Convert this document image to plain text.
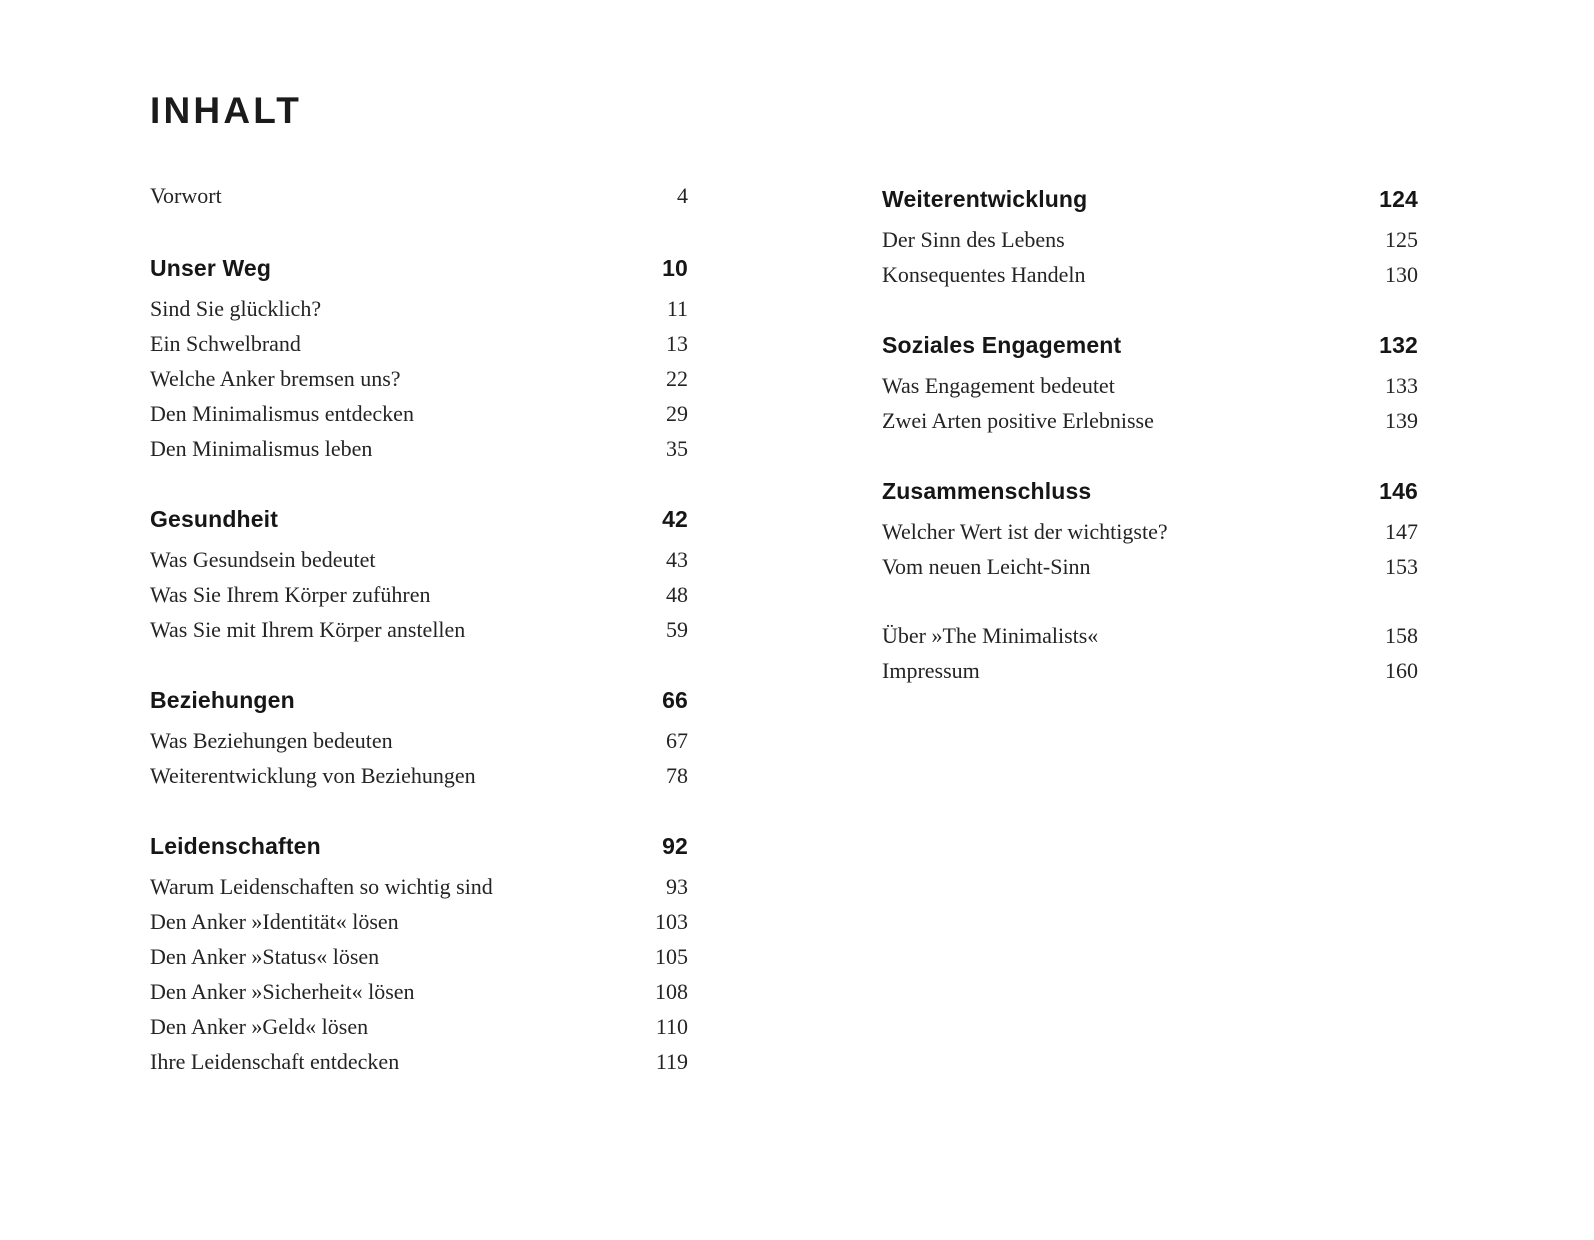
INHALT
Vorwort	4
Unser Weg	10
Sind Sie glücklich?	11
Ein Schwelbrand	13
Welche Anker bremsen uns?	22
Den Minimalismus entdecken	29
Den Minimalismus leben	35
Gesundheit	42
Was Gesundsein bedeutet	43
Was Sie Ihrem Körper zuführen	48
Was Sie mit Ihrem Körper anstellen	59
Beziehungen	66
Was Beziehungen bedeuten	67
Weiterentwicklung von Beziehungen	78
Leidenschaften	92
Warum Leidenschaften so wichtig sind	93
Den Anker »Identität« lösen	103
Den Anker »Status« lösen	105
Den Anker »Sicherheit« lösen	108
Den Anker »Geld« lösen	110
Ihre Leidenschaft entdecken	119
Weiterentwicklung	124
Der Sinn des Lebens	125
Konsequentes Handeln	130
Soziales Engagement	132
Was Engagement bedeutet	133
Zwei Arten positive Erlebnisse	139
Zusammenschluss	146
Welcher Wert ist der wichtigste?	147
Vom neuen Leicht-Sinn	153
Über »The Minimalists«	158
Impressum	160
